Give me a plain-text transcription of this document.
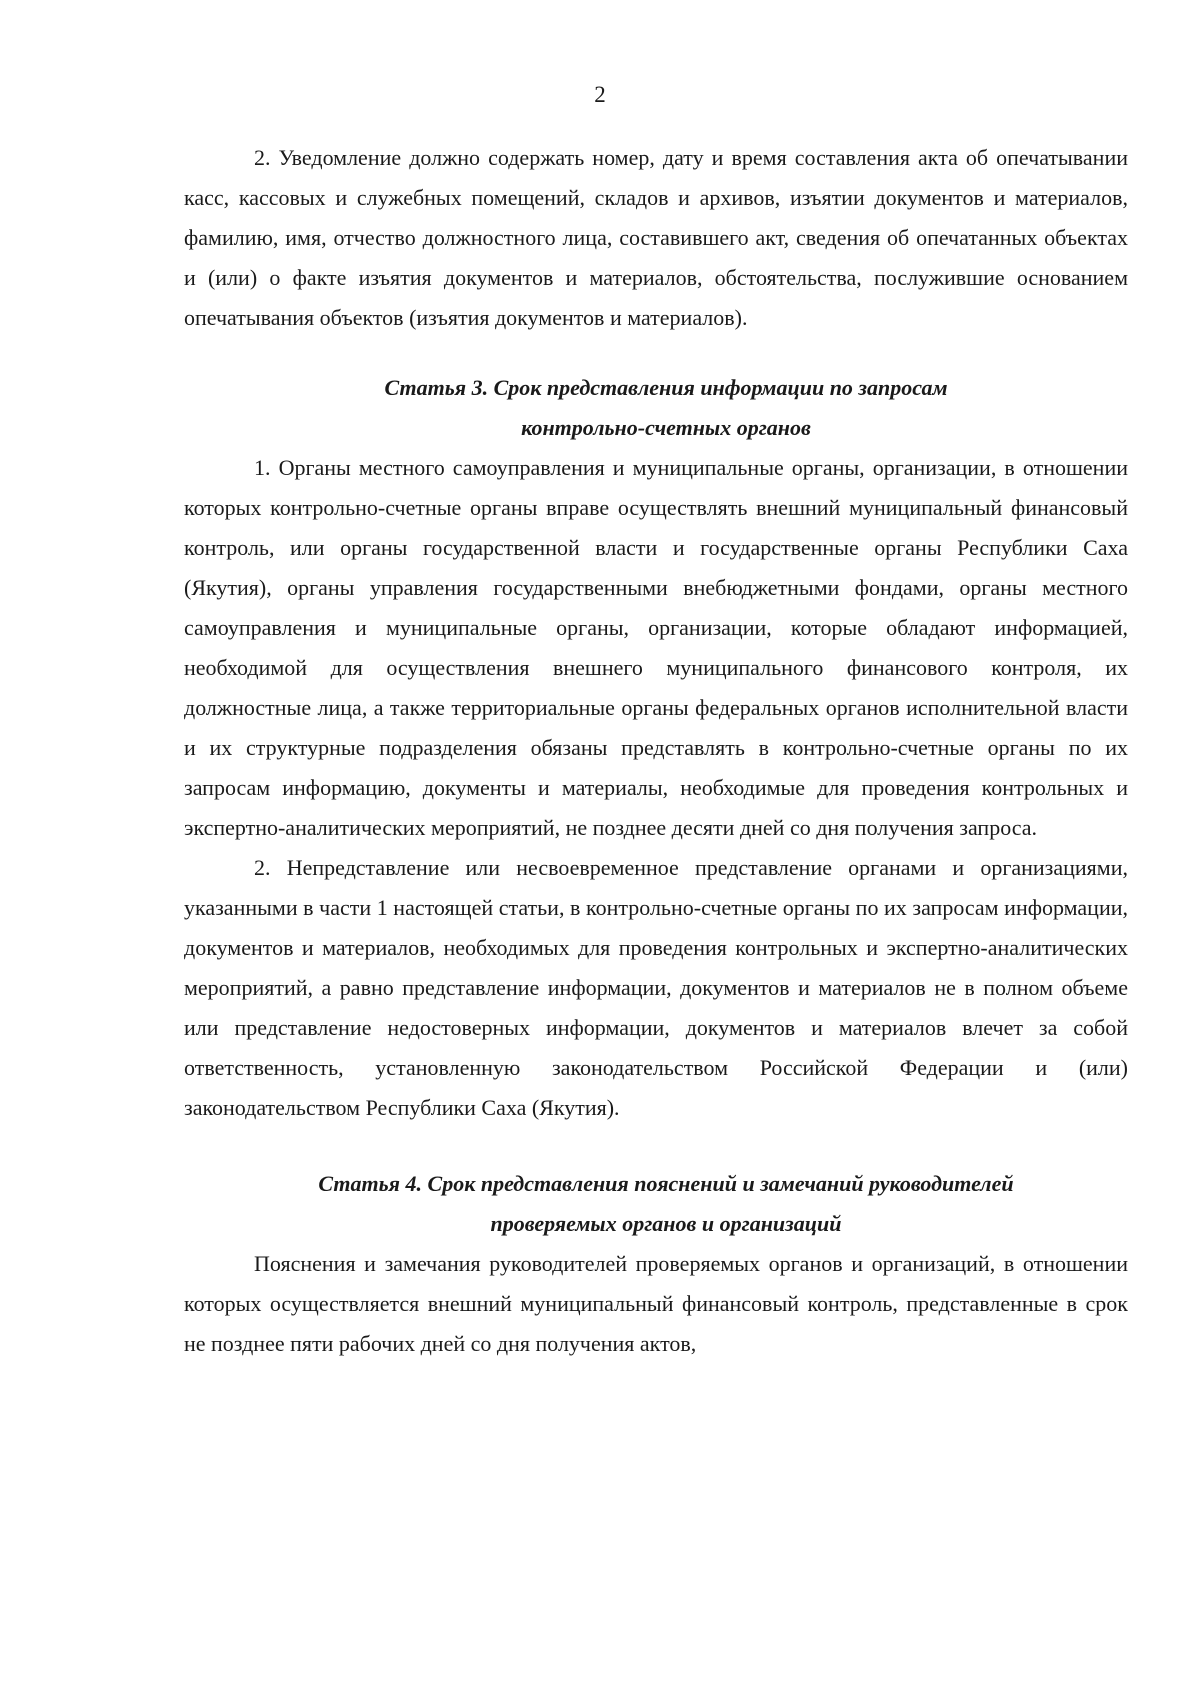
2

2. Уведомление должно содержать номер, дату и время составления акта об опечатывании касс, кассовых и служебных помещений, складов и архивов, изъятии документов и материалов, фамилию, имя, отчество должностного лица, составившего акт, сведения об опечатанных объектах и (или) о факте изъятия документов и материалов, обстоятельства, послужившие основанием опечатывания объектов (изъятия документов и материалов).

Статья 3. Срок представления информации по запросам
контрольно-счетных органов

1. Органы местного самоуправления и муниципальные органы, организации, в отношении которых контрольно-счетные органы вправе осуществлять внешний муниципальный финансовый контроль, или органы государственной власти и государственные органы Республики Саха (Якутия), органы управления государственными внебюджетными фондами, органы местного самоуправления и муниципальные органы, организации, которые обладают информацией, необходимой для осуществления внешнего муниципального финансового контроля, их должностные лица, а также территориальные органы федеральных органов исполнительной власти и их структурные подразделения обязаны представлять в контрольно-счетные органы по их запросам информацию, документы и материалы, необходимые для проведения контрольных и экспертно-аналитических мероприятий, не позднее десяти дней со дня получения запроса.

2. Непредставление или несвоевременное представление органами и организациями, указанными в части 1 настоящей статьи, в контрольно-счетные органы по их запросам информации, документов и материалов, необходимых для проведения контрольных и экспертно-аналитических мероприятий, а равно представление информации, документов и материалов не в полном объеме или представление недостоверных информации, документов и материалов влечет за собой ответственность, установленную законодательством Российской Федерации и (или) законодательством Республики Саха (Якутия).

Статья 4. Срок представления пояснений и замечаний руководителей
проверяемых органов и организаций

Пояснения и замечания руководителей проверяемых органов и организаций, в отношении которых осуществляется внешний муниципальный финансовый контроль, представленные в срок не позднее пяти рабочих дней со дня получения актов,
